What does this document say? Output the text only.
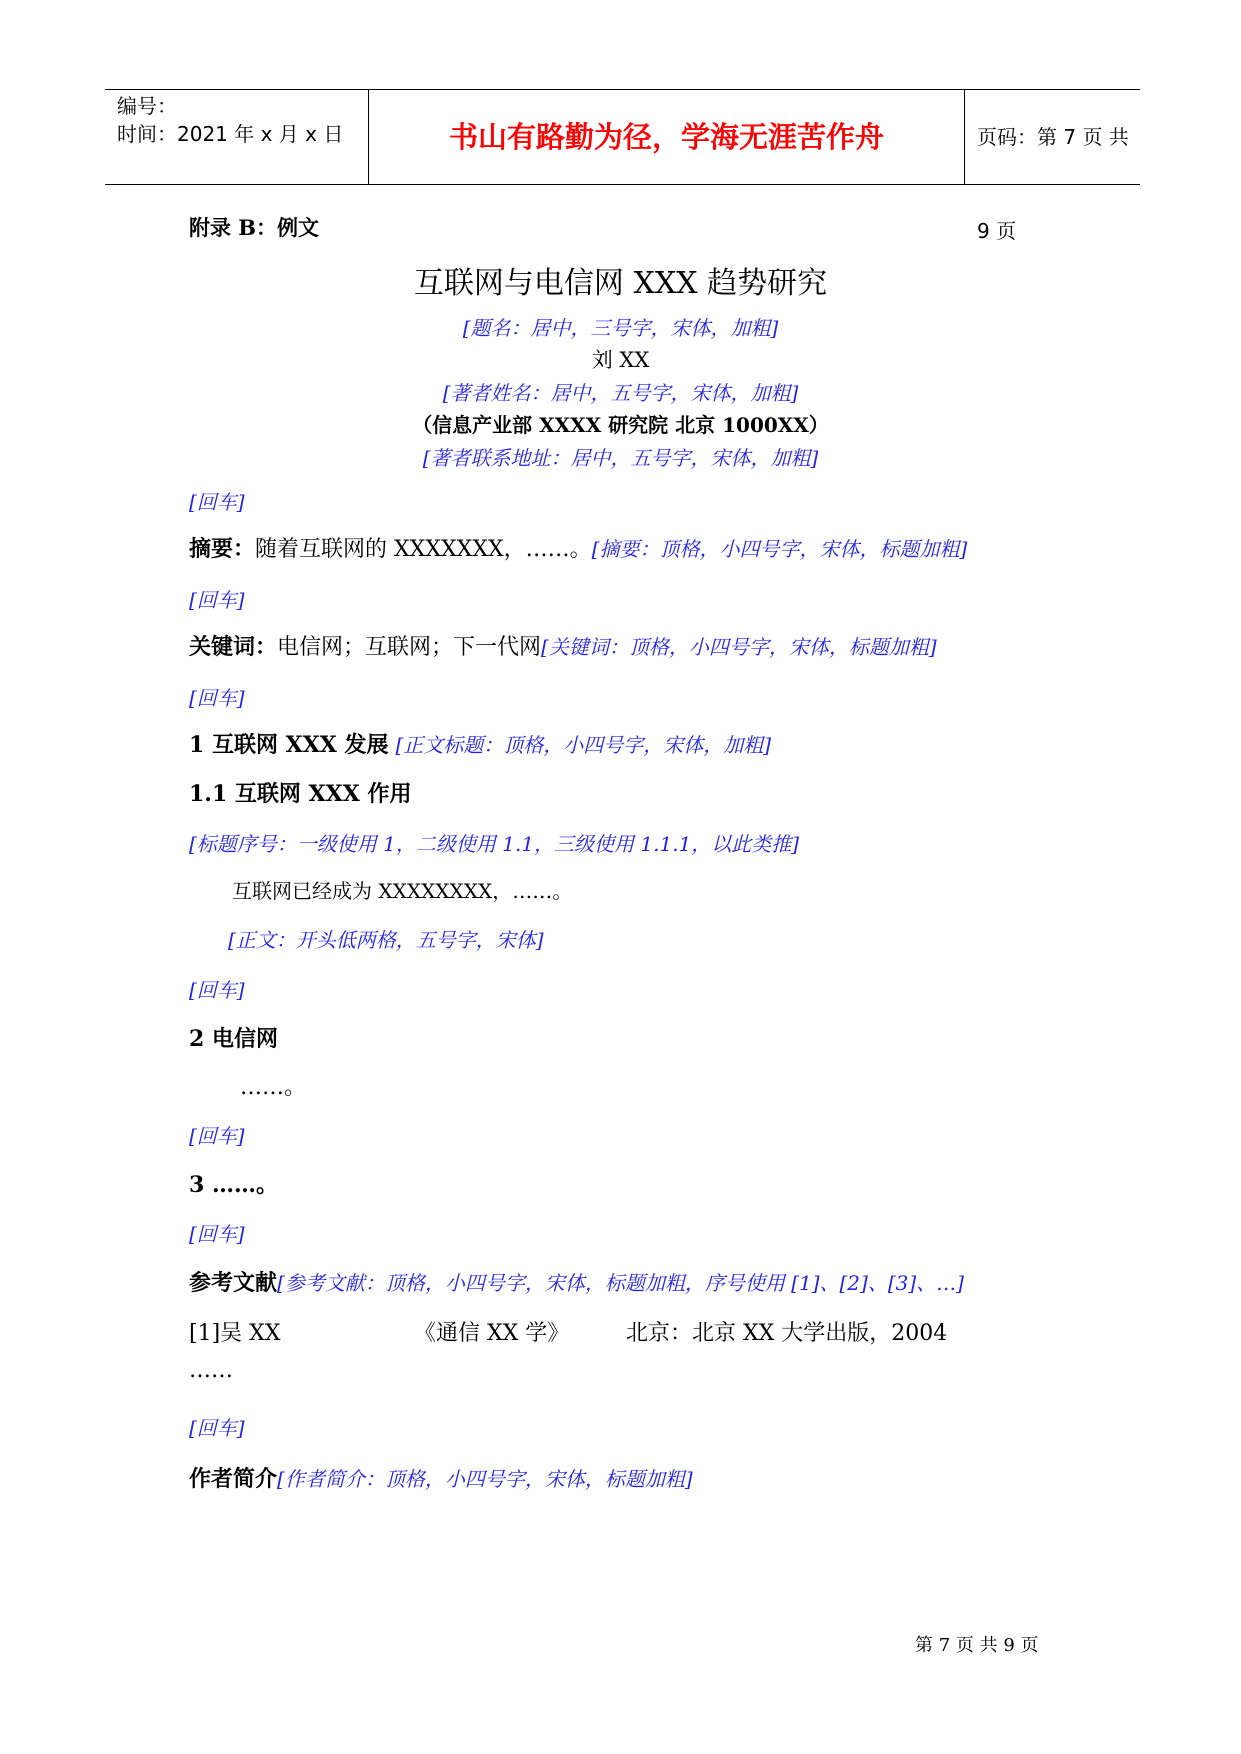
编号：
时间：2021 年 x 月 x 日	书山有路勤为径，学海无涯苦作舟	页码：第 7 页 共 9 页
附录 B：例文
互联网与电信网 XXX 趋势研究
[题名：居中，三号字，宋体，加粗]
刘 XX
[著者姓名：居中，五号字，宋体，加粗]
（信息产业部 XXXX 研究院 北京 1000XX）
[著者联系地址：居中，五号字，宋体，加粗]
[回车]
摘要：随着互联网的 XXXXXXX，……。[摘要：顶格，小四号字，宋体，标题加粗]
[回车]
关键词：电信网；互联网；下一代网[关键词：顶格，小四号字，宋体，标题加粗]
[回车]
1 互联网 XXX 发展 [正文标题：顶格，小四号字，宋体，加粗]
1.1 互联网 XXX 作用
[标题序号：一级使用 1，二级使用 1.1，三级使用 1.1.1，以此类推]
互联网已经成为 XXXXXXXX，……。
[正文：开头低两格，五号字，宋体]
[回车]
2 电信网
……。
[回车]
3 ……。
[回车]
参考文献[参考文献：顶格，小四号字，宋体，标题加粗，序号使用 [1]、[2]、[3]、…]
[1]吴 XX	《通信 XX 学》	北京：北京 XX 大学出版，2004
……
[回车]
作者简介[作者简介：顶格，小四号字，宋体，标题加粗]
第 7 页 共 9 页
